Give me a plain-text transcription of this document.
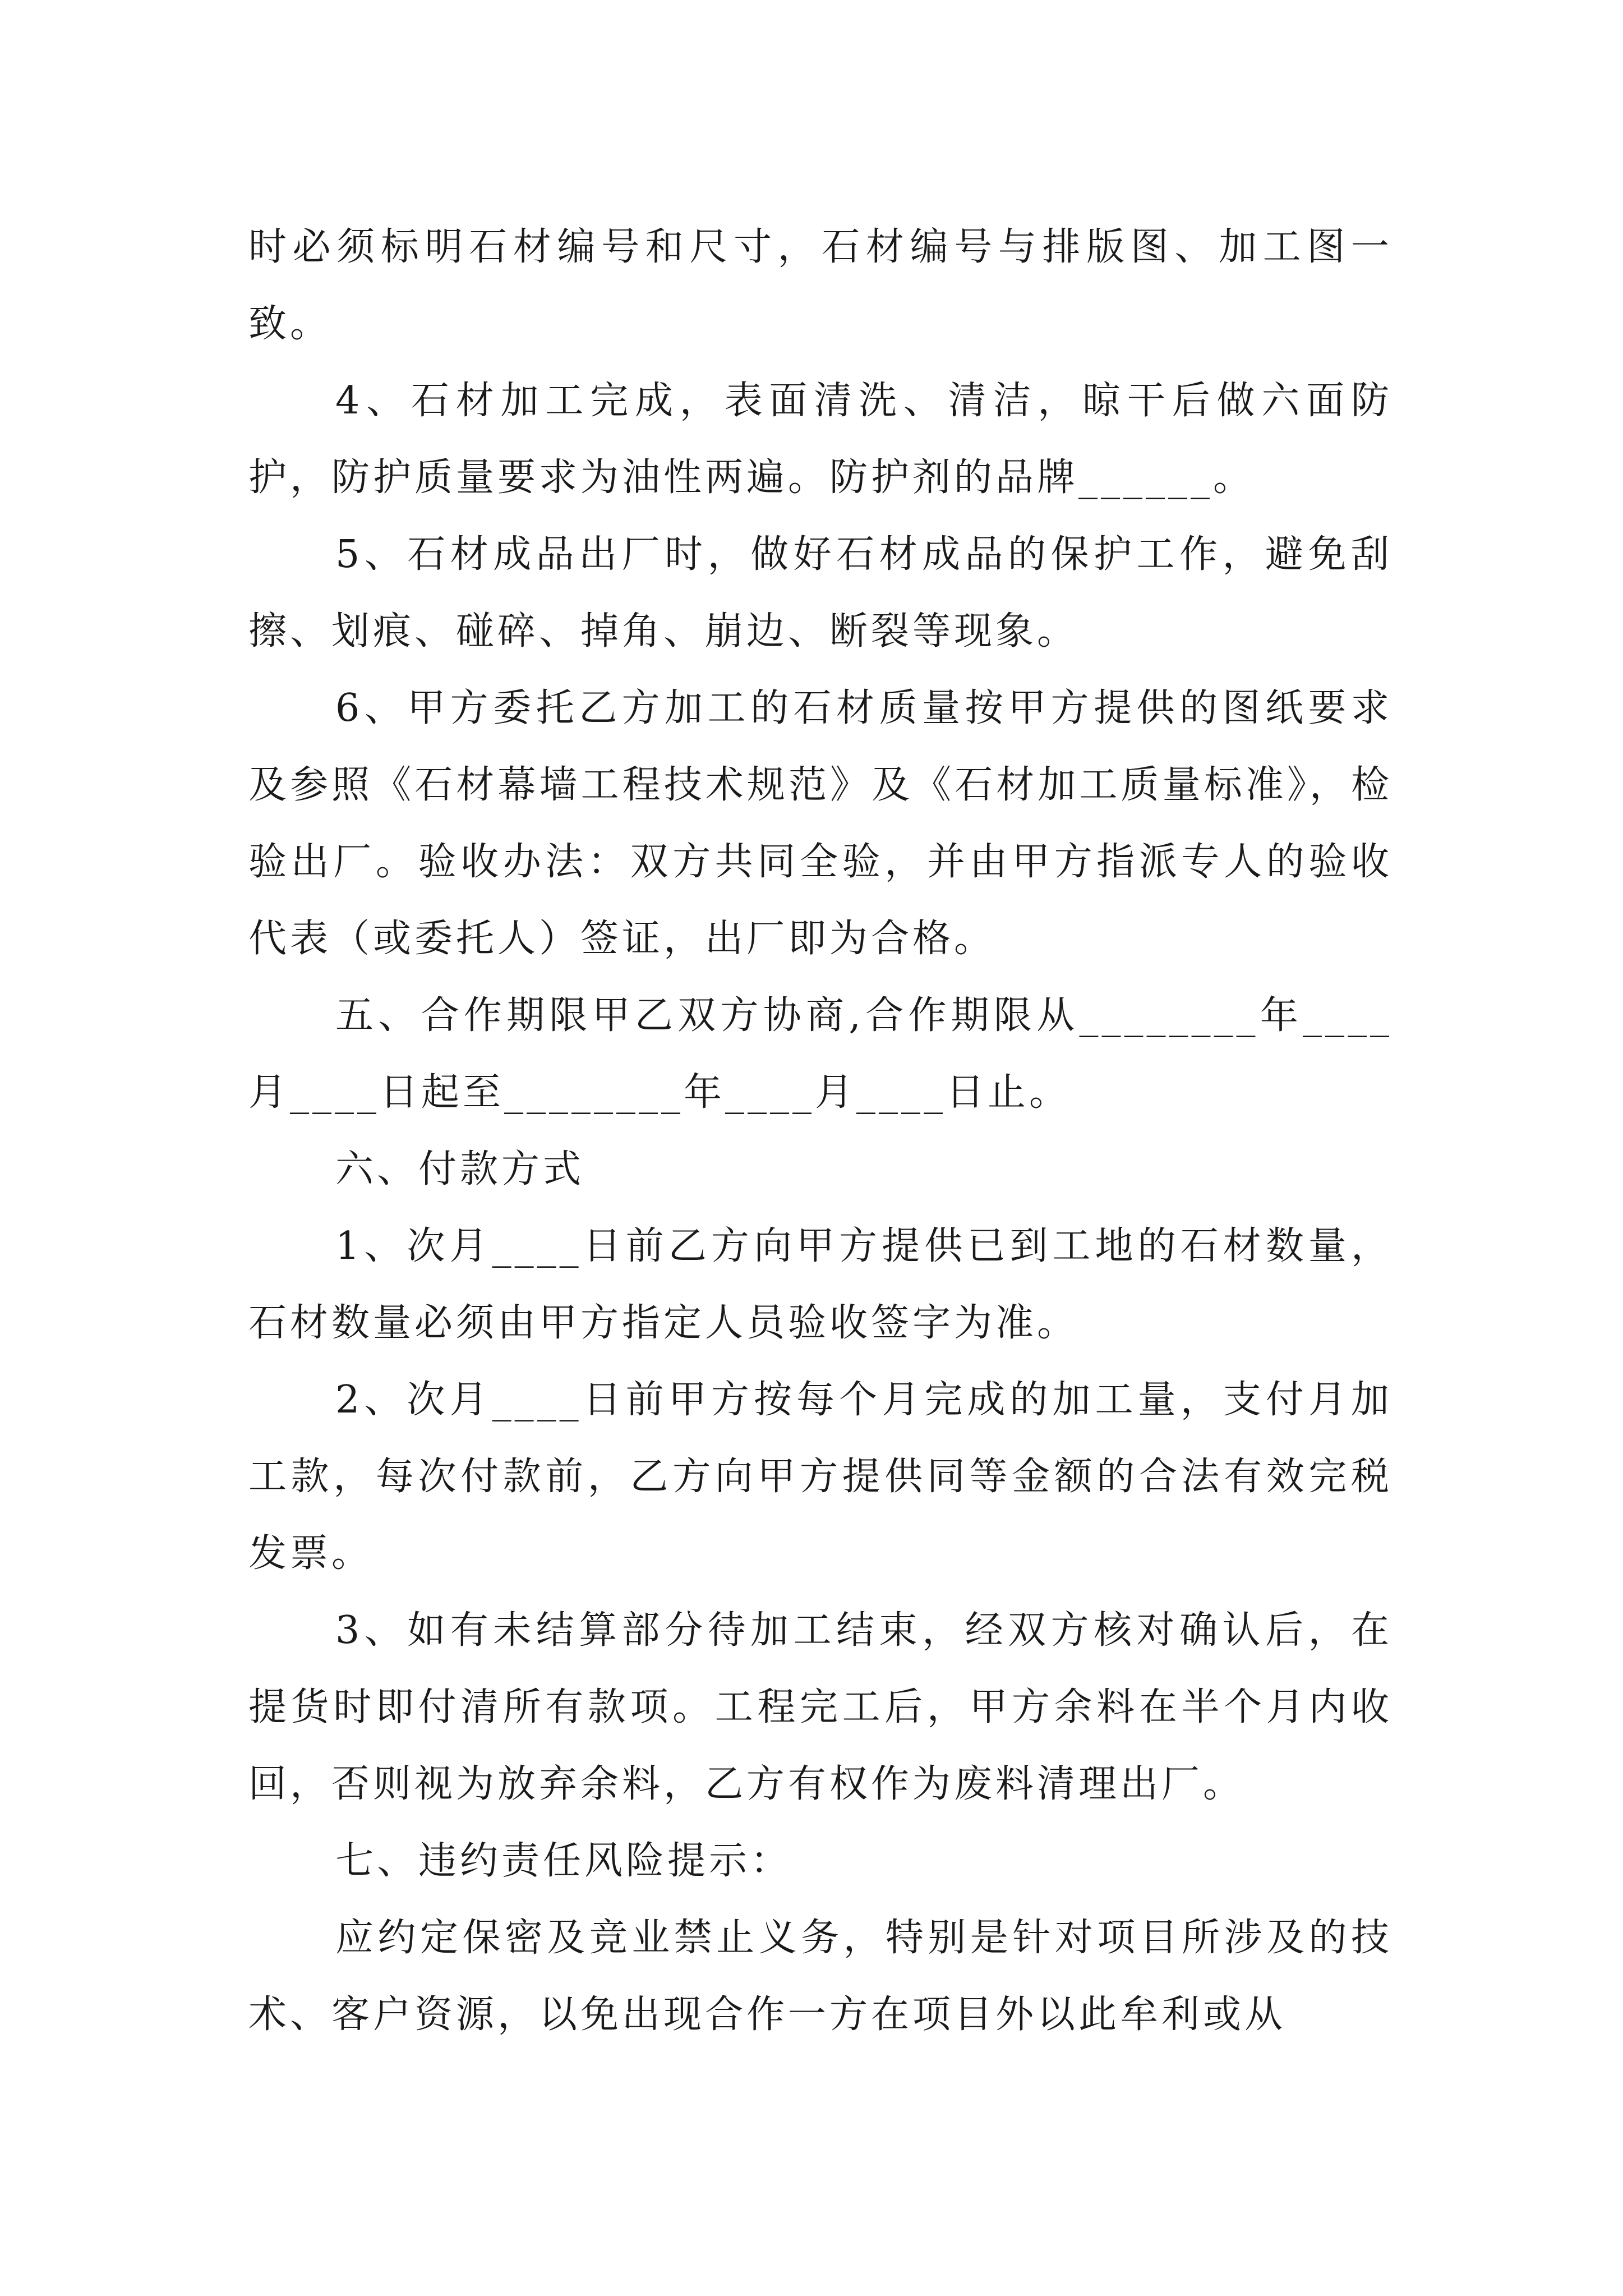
时必须标明石材编号和尺寸，石材编号与排版图、加工图一致。

4、石材加工完成，表面清洗、清洁，晾干后做六面防护，防护质量要求为油性两遍。防护剂的品牌______。

5、石材成品出厂时，做好石材成品的保护工作，避免刮擦、划痕、碰碎、掉角、崩边、断裂等现象。

6、甲方委托乙方加工的石材质量按甲方提供的图纸要求及参照《石材幕墙工程技术规范》及《石材加工质量标准》，检验出厂。验收办法：双方共同全验，并由甲方指派专人的验收代表（或委托人）签证，出厂即为合格。

五、合作期限甲乙双方协商,合作期限从________年____月____日起至________年____月____日止。

六、付款方式

1、次月____日前乙方向甲方提供已到工地的石材数量，石材数量必须由甲方指定人员验收签字为准。

2、次月____日前甲方按每个月完成的加工量，支付月加工款，每次付款前，乙方向甲方提供同等金额的合法有效完税发票。

3、如有未结算部分待加工结束，经双方核对确认后，在提货时即付清所有款项。工程完工后，甲方余料在半个月内收回，否则视为放弃余料，乙方有权作为废料清理出厂。

七、违约责任风险提示：

应约定保密及竞业禁止义务，特别是针对项目所涉及的技术、客户资源，以免出现合作一方在项目外以此牟利或从
